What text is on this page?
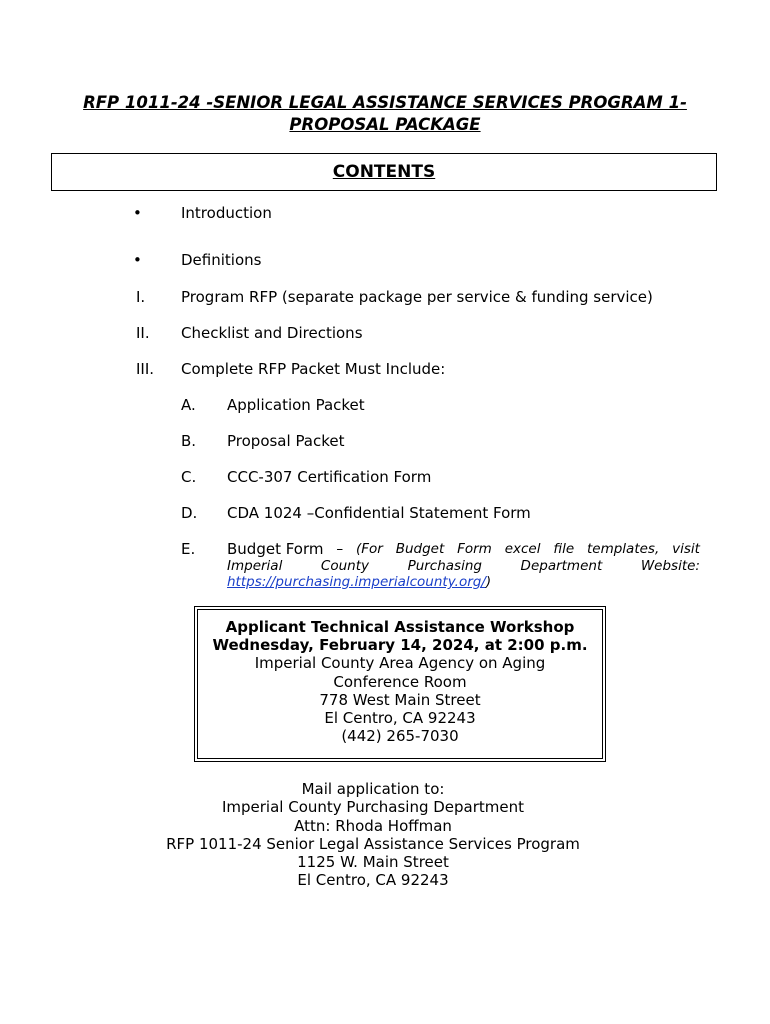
RFP 1011-24 -SENIOR LEGAL ASSISTANCE SERVICES PROGRAM 1-
PROPOSAL PACKAGE
CONTENTS
•	Introduction
•	Definitions
I. Program RFP (separate package per service & funding service)
II. Checklist and Directions
III. Complete RFP Packet Must Include:
A. Application Packet
B. Proposal Packet
C. CCC-307 Certification Form
D. CDA 1024 –Confidential Statement Form
E. Budget Form – (For Budget Form excel file templates, visit
Imperial	County	Purchasing	Department	Website:
https://purchasing.imperialcounty.org/)
Applicant Technical Assistance Workshop
Wednesday, February 14, 2024, at 2:00 p.m.
Imperial County Area Agency on Aging
Conference Room
778 West Main Street
El Centro, CA 92243
(442) 265-7030
Mail application to:
Imperial County Purchasing Department
Attn: Rhoda Hoffman
RFP 1011-24 Senior Legal Assistance Services Program
1125 W. Main Street
El Centro, CA 92243
